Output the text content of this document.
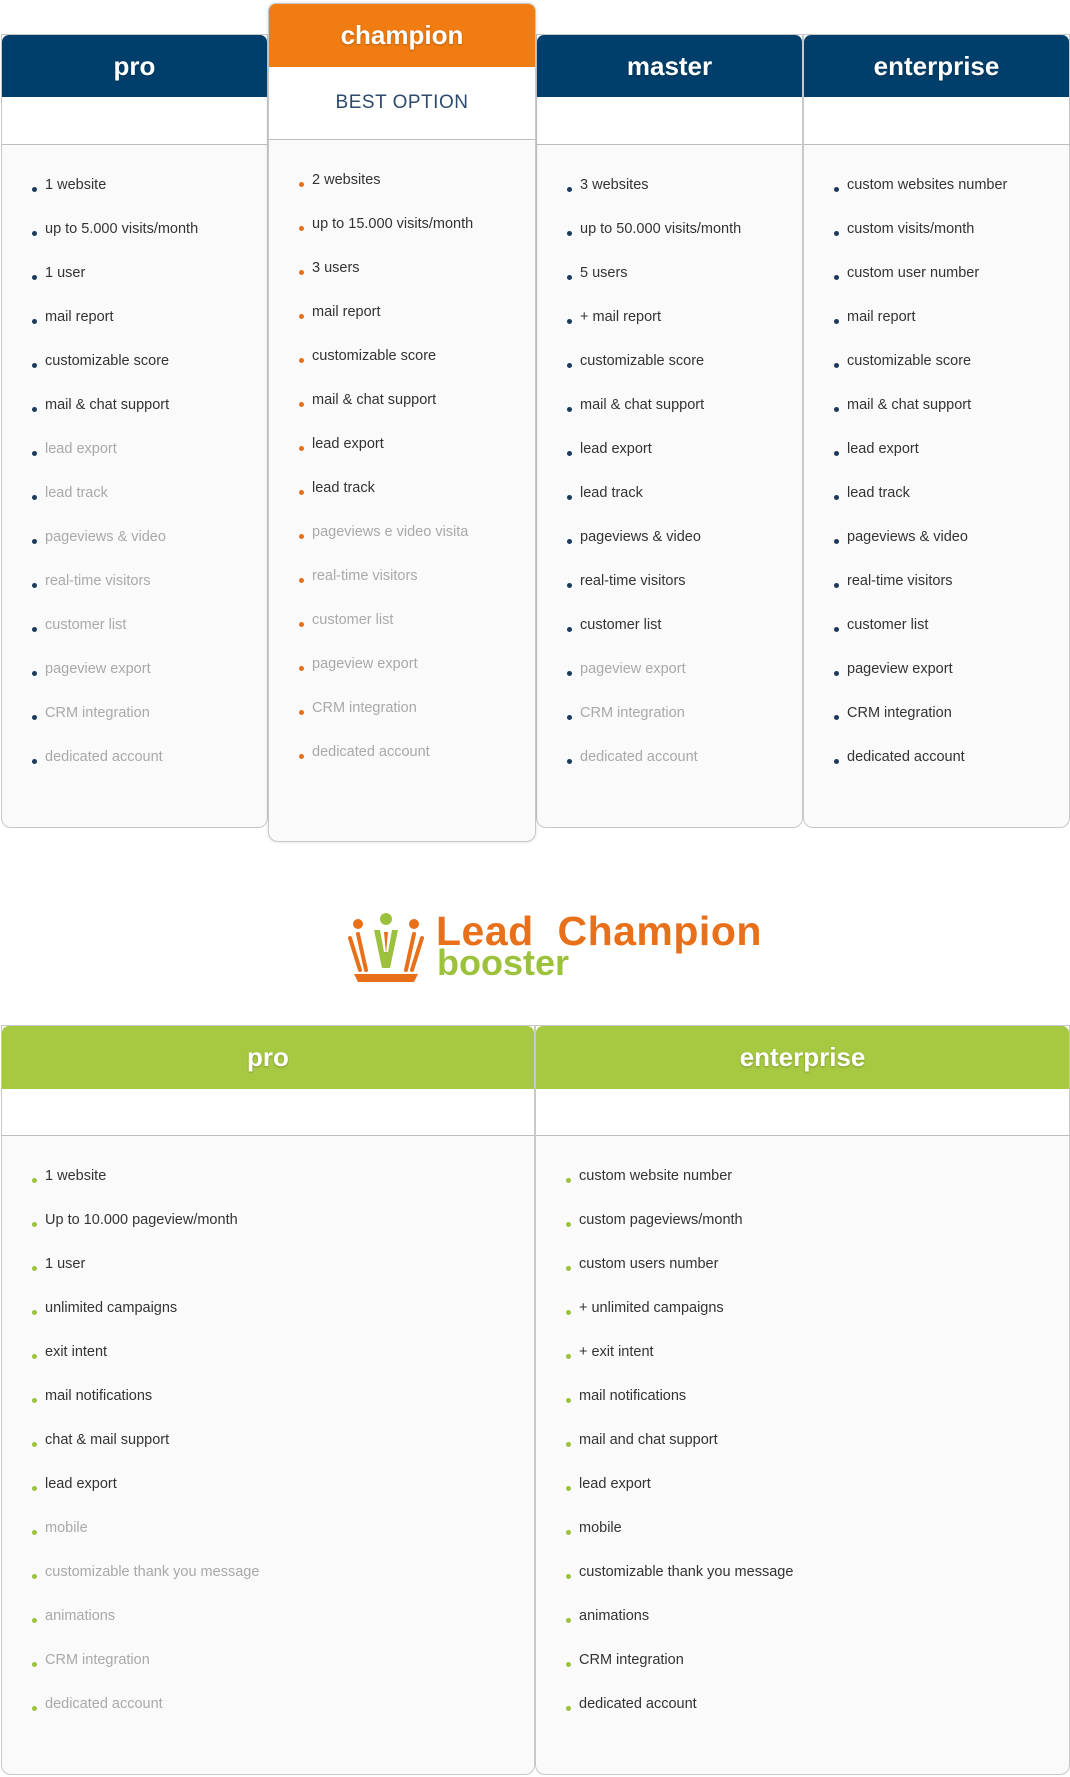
pro
1 website
up to 5.000 visits/month
1 user
mail report
customizable score
mail & chat support
lead export
lead track
pageviews & video
real-time visitors
customer list
pageview export
CRM integration
dedicated account
champion
BEST OPTION
2 websites
up to 15.000 visits/month
3 users
mail report
customizable score
mail & chat support
lead export
lead track
pageviews e video visita
real-time visitors
customer list
pageview export
CRM integration
dedicated account
master
3 websites
up to 50.000 visits/month
5 users
+ mail report
customizable score
mail & chat support
lead export
lead track
pageviews & video
real-time visitors
customer list
pageview export
CRM integration
dedicated account
enterprise
custom websites number
custom visits/month
custom user number
mail report
customizable score
mail & chat support
lead export
lead track
pageviews & video
real-time visitors
customer list
pageview export
CRM integration
dedicated account
Lead  Champion
booster
pro
1 website
Up to 10.000 pageview/month
1 user
unlimited campaigns
exit intent
mail notifications
chat & mail support
lead export
mobile
customizable thank you message
animations
CRM integration
dedicated account
enterprise
custom website number
custom pageviews/month
custom users number
+ unlimited campaigns
+ exit intent
mail notifications
mail and chat support
lead export
mobile
customizable thank you message
animations
CRM integration
dedicated account
